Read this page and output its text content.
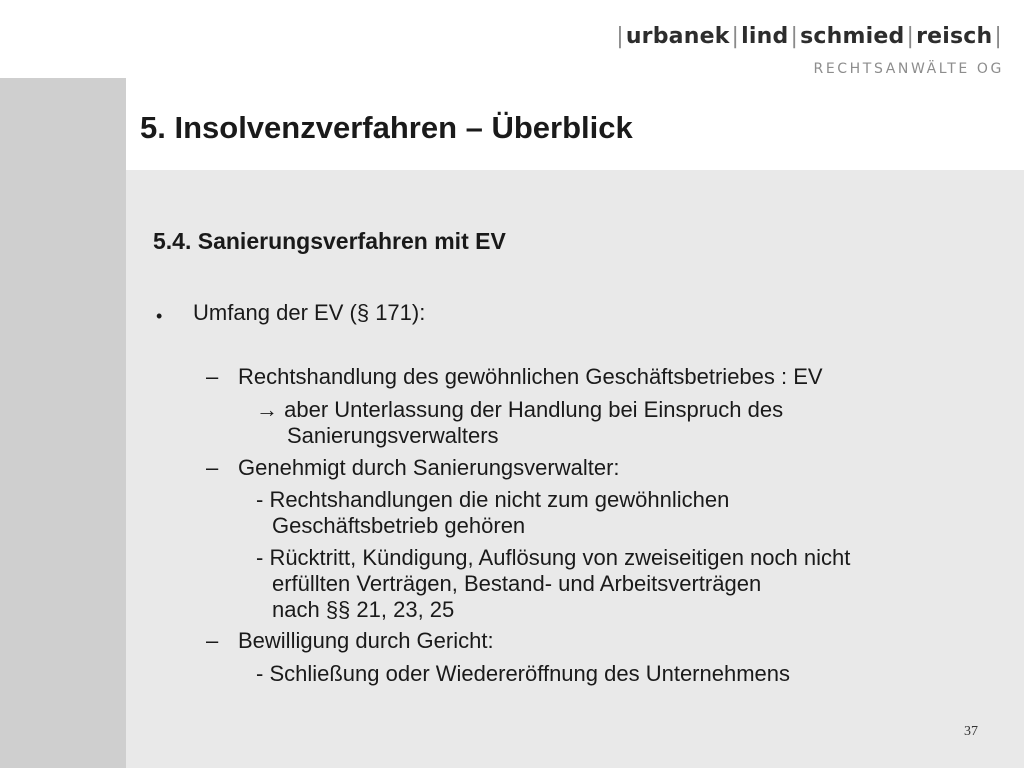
|urbanek|lind|schmied|reisch|
RECHTSANWÄLTE OG
5. Insolvenzverfahren – Überblick
5.4. Sanierungsverfahren mit EV
• Umfang der EV (§ 171):
– Rechtshandlung des gewöhnlichen Geschäftsbetriebes : EV
→ aber Unterlassung der Handlung bei Einspruch des
Sanierungsverwalters
– Genehmigt durch Sanierungsverwalter:
- Rechtshandlungen die nicht zum gewöhnlichen
Geschäftsbetrieb gehören
- Rücktritt, Kündigung, Auflösung von zweiseitigen noch nicht
erfüllten Verträgen, Bestand- und Arbeitsverträgen
nach §§ 21, 23, 25
– Bewilligung durch Gericht:
- Schließung oder Wiedereröffnung des Unternehmens
37
